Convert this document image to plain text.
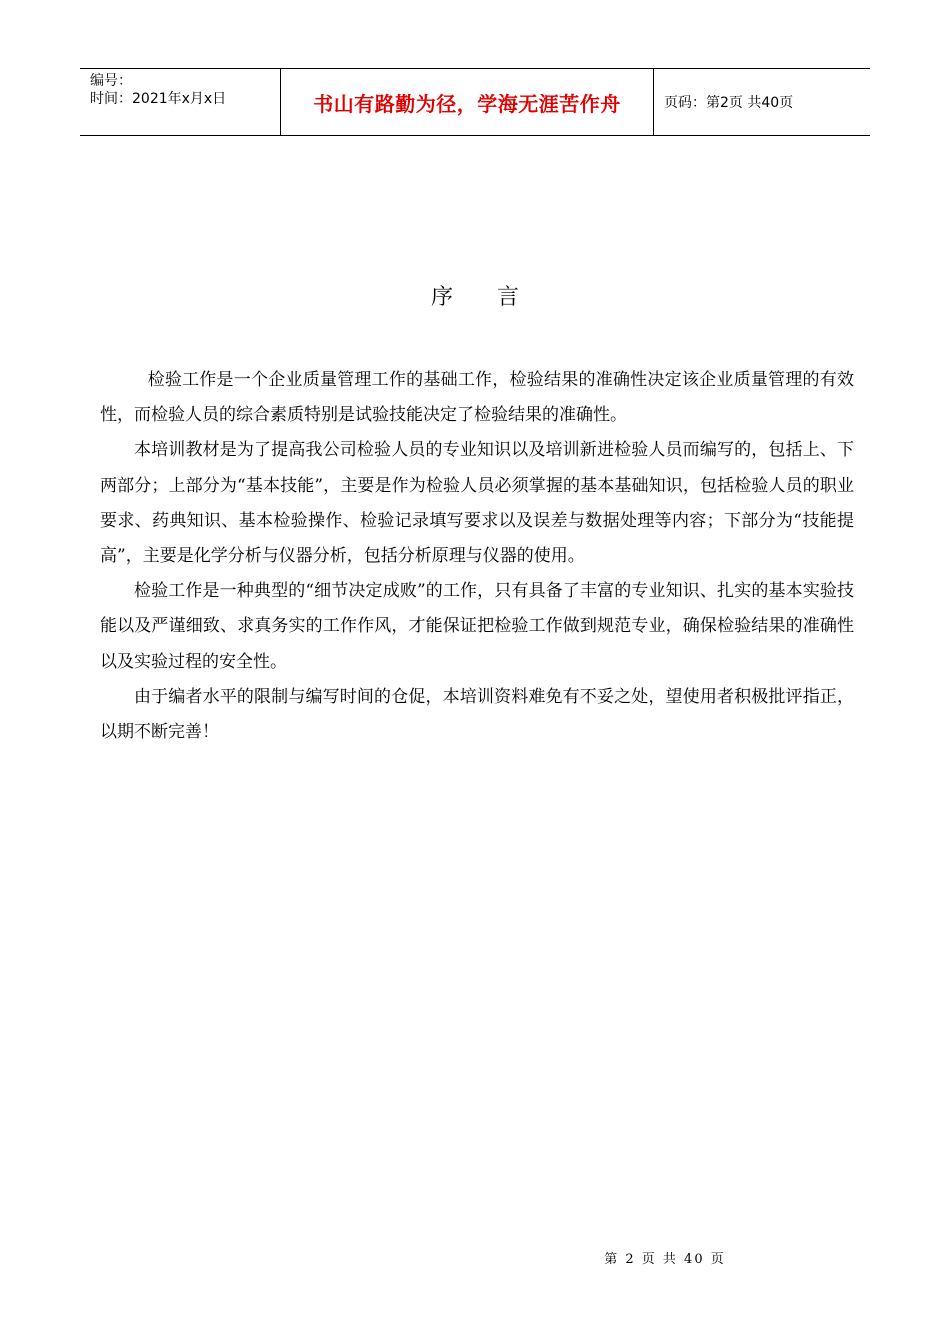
编号：
时间：2021年x月x日	书山有路勤为径，学海无涯苦作舟	页码：第2页 共40页
序言

检验工作是一个企业质量管理工作的基础工作，检验结果的准确性决定该企业质量管理的有效性，而检验人员的综合素质特别是试验技能决定了检验结果的准确性。

本培训教材是为了提高我公司检验人员的专业知识以及培训新进检验人员而编写的，包括上、下两部分；上部分为“基本技能”，主要是作为检验人员必须掌握的基本基础知识，包括检验人员的职业要求、药典知识、基本检验操作、检验记录填写要求以及误差与数据处理等内容；下部分为“技能提高”，主要是化学分析与仪器分析，包括分析原理与仪器的使用。

检验工作是一种典型的“细节决定成败”的工作，只有具备了丰富的专业知识、扎实的基本实验技能以及严谨细致、求真务实的工作作风，才能保证把检验工作做到规范专业，确保检验结果的准确性以及实验过程的安全性。

由于编者水平的限制与编写时间的仓促，本培训资料难免有不妥之处，望使用者积极批评指正，以期不断完善！

第 2 页 共 40 页
